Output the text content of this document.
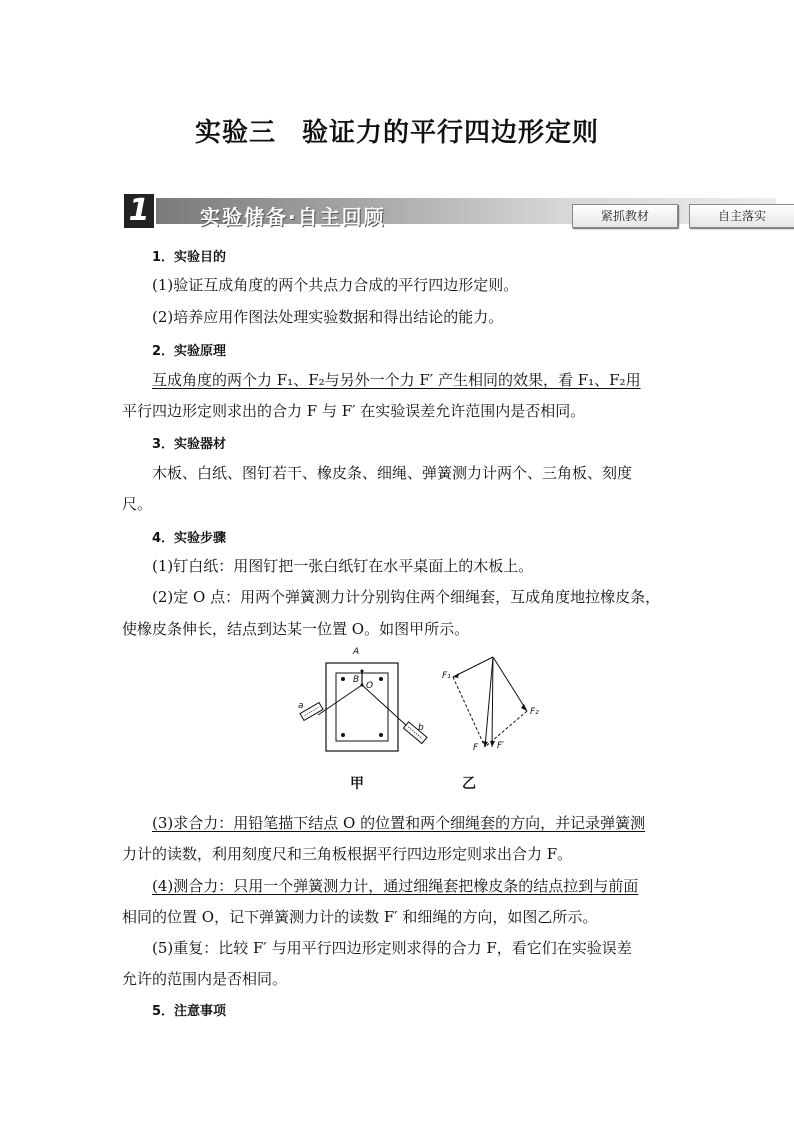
实验三 验证力的平行四边形定则
1	实验储备·自主回顾	紧抓教材	自主落实
1．实验目的
(1)验证互成角度的两个共点力合成的平行四边形定则。
(2)培养应用作图法处理实验数据和得出结论的能力。
2．实验原理
互成角度的两个力 F₁、F₂与另外一个力 F′ 产生相同的效果，看 F₁、F₂用
平行四边形定则求出的合力 F 与 F′ 在实验误差允许范围内是否相同。
3．实验器材
木板、白纸、图钉若干、橡皮条、细绳、弹簧测力计两个、三角板、刻度
尺。
4．实验步骤
(1)钉白纸：用图钉把一张白纸钉在水平桌面上的木板上。
(2)定 O 点：用两个弹簧测力计分别钩住两个细绳套，互成角度地拉橡皮条，
使橡皮条伸长，结点到达某一位置 O。如图甲所示。
A
B
O
a
b
F₁
F₂
F F′
甲	乙
(3)求合力：用铅笔描下结点 O 的位置和两个细绳套的方向，并记录弹簧测
力计的读数，利用刻度尺和三角板根据平行四边形定则求出合力 F。
(4)测合力：只用一个弹簧测力计，通过细绳套把橡皮条的结点拉到与前面
相同的位置 O，记下弹簧测力计的读数 F′ 和细绳的方向，如图乙所示。
(5)重复：比较 F′ 与用平行四边形定则求得的合力 F，看它们在实验误差
允许的范围内是否相同。
5．注意事项
